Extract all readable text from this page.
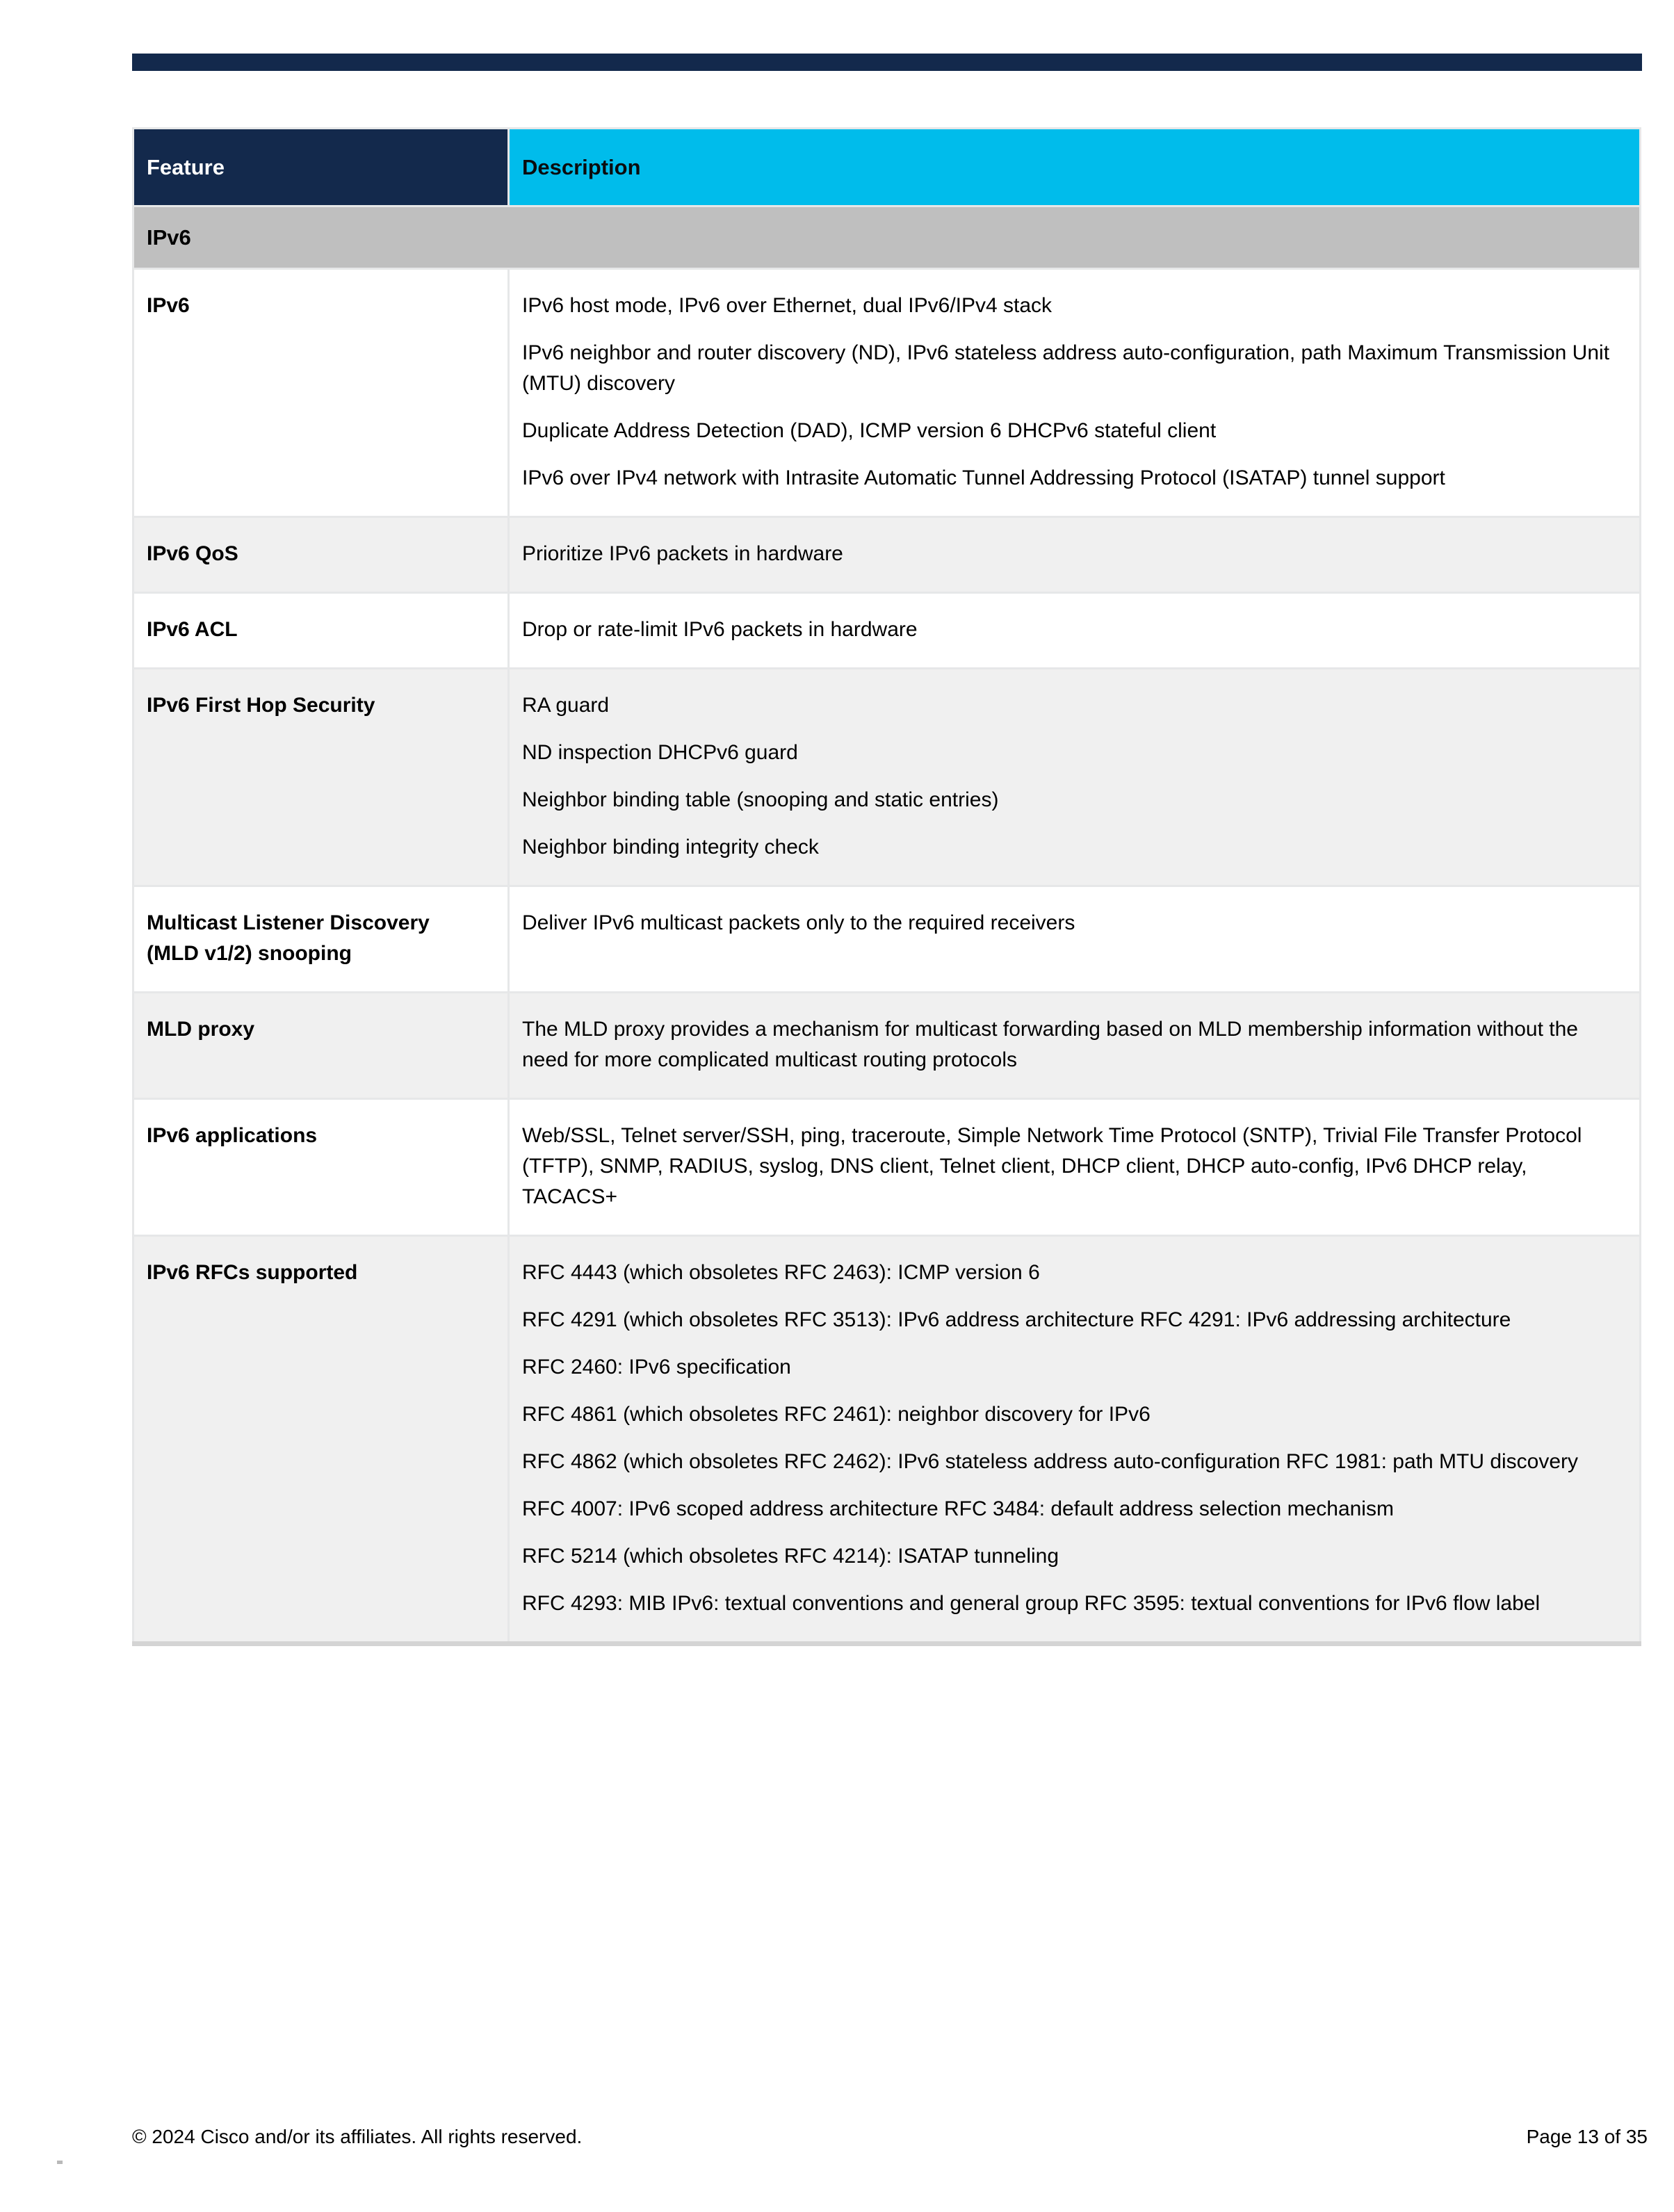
Feature	Description
IPv6	
IPv6	IPv6 host mode, IPv6 over Ethernet, dual IPv6/IPv4 stack

IPv6 neighbor and router discovery (ND), IPv6 stateless address auto-configuration, path Maximum Transmission Unit (MTU) discovery

Duplicate Address Detection (DAD), ICMP version 6 DHCPv6 stateful client

IPv6 over IPv4 network with Intrasite Automatic Tunnel Addressing Protocol (ISATAP) tunnel support

IPv6 QoS	Prioritize IPv6 packets in hardware

IPv6 ACL	Drop or rate-limit IPv6 packets in hardware

IPv6 First Hop Security	RA guard

ND inspection DHCPv6 guard

Neighbor binding table (snooping and static entries)

Neighbor binding integrity check

Multicast Listener Discovery (MLD v1/2) snooping	Deliver IPv6 multicast packets only to the required receivers

MLD proxy	The MLD proxy provides a mechanism for multicast forwarding based on MLD membership information without the need for more complicated multicast routing protocols

IPv6 applications	Web/SSL, Telnet server/SSH, ping, traceroute, Simple Network Time Protocol (SNTP), Trivial File Transfer Protocol (TFTP), SNMP, RADIUS, syslog, DNS client, Telnet client, DHCP client, DHCP auto-config, IPv6 DHCP relay, TACACS+

IPv6 RFCs supported	RFC 4443 (which obsoletes RFC 2463): ICMP version 6

RFC 4291 (which obsoletes RFC 3513): IPv6 address architecture RFC 4291: IPv6 addressing architecture

RFC 2460: IPv6 specification

RFC 4861 (which obsoletes RFC 2461): neighbor discovery for IPv6

RFC 4862 (which obsoletes RFC 2462): IPv6 stateless address auto-configuration RFC 1981: path MTU discovery

RFC 4007: IPv6 scoped address architecture RFC 3484: default address selection mechanism

RFC 5214 (which obsoletes RFC 4214): ISATAP tunneling

RFC 4293: MIB IPv6: textual conventions and general group RFC 3595: textual conventions for IPv6 flow label

© 2024 Cisco and/or its affiliates. All rights reserved.	Page 13 of 35
